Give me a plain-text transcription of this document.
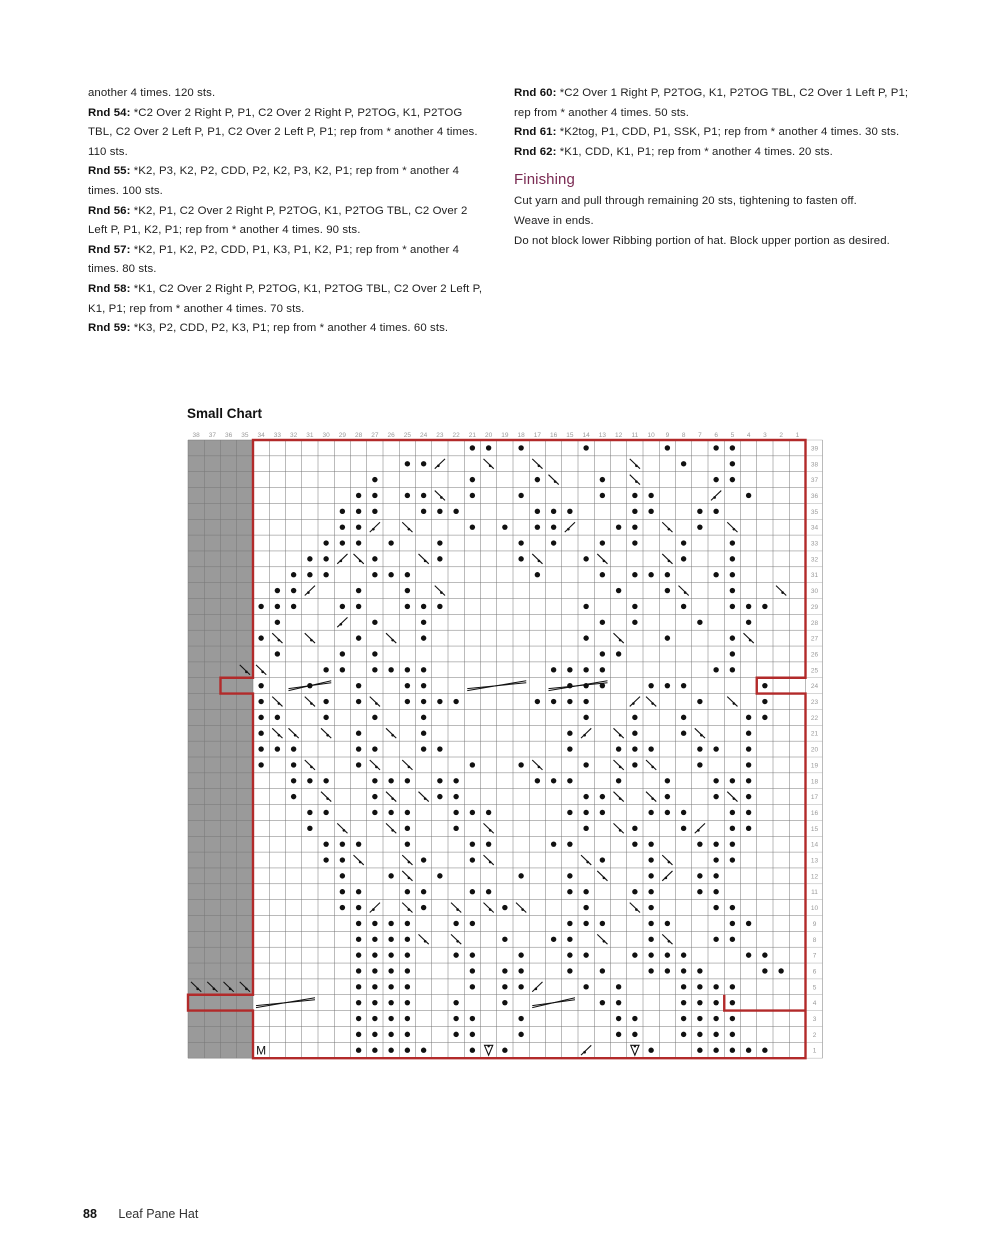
another 4 times. 120 sts.

Rnd 54: *C2 Over 2 Right P, P1, C2 Over 2 Right P, P2TOG, K1, P2TOG TBL, C2 Over 2 Left P, P1, C2 Over 2 Left P, P1; rep from * another 4 times. 110 sts.

Rnd 55: *K2, P3, K2, P2, CDD, P2, K2, P3, K2, P1; rep from * another 4 times. 100 sts.

Rnd 56: *K2, P1, C2 Over 2 Right P, P2TOG, K1, P2TOG TBL, C2 Over 2 Left P, P1, K2, P1; rep from * another 4 times. 90 sts.

Rnd 57: *K2, P1, K2, P2, CDD, P1, K3, P1, K2, P1; rep from * another 4 times. 80 sts.

Rnd 58: *K1, C2 Over 2 Right P, P2TOG, K1, P2TOG TBL, C2 Over 2 Left P, K1, P1; rep from * another 4 times. 70 sts.

Rnd 59: *K3, P2, CDD, P2, K3, P1; rep from * another 4 times. 60 sts.

Rnd 60: *C2 Over 1 Right P, P2TOG, K1, P2TOG TBL, C2 Over 1 Left P, P1; rep from * another 4 times. 50 sts.

Rnd 61: *K2tog, P1, CDD, P1, SSK, P1; rep from * another 4 times. 30 sts.

Rnd 62: *K1, CDD, K1, P1; rep from * another 4 times. 20 sts.

Finishing

Cut yarn and pull through remaining 20 sts, tightening to fasten off.

Weave in ends.

Do not block lower Ribbing portion of hat. Block upper portion as desired.

Small Chart

38 37 36 35 34 33 32 31 30 29 28 27 26 25 24 23 22 21 20 19 18 17 16 15 14 13 12 11 10 9 8 7 6 5 4 3 2 1
39
38
37
36
35
34
33
32
31
30
29
28
27
26
25
24
23
22
21
20
19
18
17
16
15
14
13
12
11
10
9
8
7
6
5
4
3
2
1
M
88 Leaf Pane Hat
